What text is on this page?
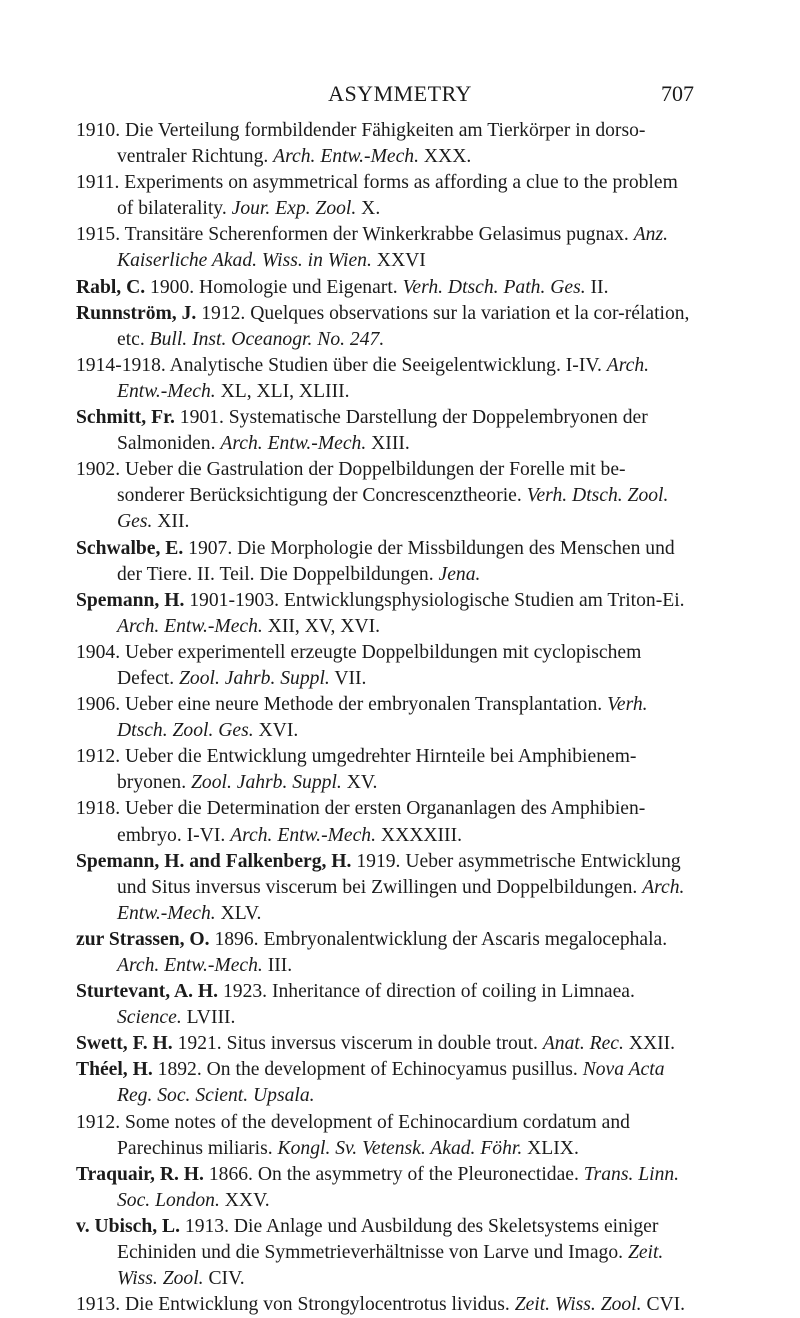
ASYMMETRY	707

1910. Die Verteilung formbildender Fähigkeiten am Tierkörper in dorso-ventraler Richtung. Arch. Entw.-Mech. XXX.

1911. Experiments on asymmetrical forms as affording a clue to the problem of bilaterality. Jour. Exp. Zool. X.

1915. Transitäre Scherenformen der Winkerkrabbe Gelasimus pugnax. Anz. Kaiserliche Akad. Wiss. in Wien. XXVI

Rabl, C. 1900. Homologie und Eigenart. Verh. Dtsch. Path. Ges. II.

Runnström, J. 1912. Quelques observations sur la variation et la cor-rélation, etc. Bull. Inst. Oceanogr. No. 247.

1914-1918. Analytische Studien über die Seeigelentwicklung. I-IV. Arch. Entw.-Mech. XL, XLI, XLIII.

Schmitt, Fr. 1901. Systematische Darstellung der Doppelembryonen der Salmoniden. Arch. Entw.-Mech. XIII.

1902. Ueber die Gastrulation der Doppelbildungen der Forelle mit be-sonderer Berücksichtigung der Concrescenztheorie. Verh. Dtsch. Zool. Ges. XII.

Schwalbe, E. 1907. Die Morphologie der Missbildungen des Menschen und der Tiere. II. Teil. Die Doppelbildungen. Jena.

Spemann, H. 1901-1903. Entwicklungsphysiologische Studien am Triton-Ei. Arch. Entw.-Mech. XII, XV, XVI.

1904. Ueber experimentell erzeugte Doppelbildungen mit cyclopischem Defect. Zool. Jahrb. Suppl. VII.

1906. Ueber eine neure Methode der embryonalen Transplantation. Verh. Dtsch. Zool. Ges. XVI.

1912. Ueber die Entwicklung umgedrehter Hirnteile bei Amphibienem-bryonen. Zool. Jahrb. Suppl. XV.

1918. Ueber die Determination der ersten Organanlagen des Amphibien-embryo. I-VI. Arch. Entw.-Mech. XXXXIII.

Spemann, H. and Falkenberg, H. 1919. Ueber asymmetrische Entwicklung und Situs inversus viscerum bei Zwillingen und Doppelbildungen. Arch. Entw.-Mech. XLV.

zur Strassen, O. 1896. Embryonalentwicklung der Ascaris megalocephala. Arch. Entw.-Mech. III.

Sturtevant, A. H. 1923. Inheritance of direction of coiling in Limnaea. Science. LVIII.

Swett, F. H. 1921. Situs inversus viscerum in double trout. Anat. Rec. XXII.

Théel, H. 1892. On the development of Echinocyamus pusillus. Nova Acta Reg. Soc. Scient. Upsala.

1912. Some notes of the development of Echinocardium cordatum and Parechinus miliaris. Kongl. Sv. Vetensk. Akad. Föhr. XLIX.

Traquair, R. H. 1866. On the asymmetry of the Pleuronectidae. Trans. Linn. Soc. London. XXV.

v. Ubisch, L. 1913. Die Anlage und Ausbildung des Skeletsystems einiger Echiniden und die Symmetrieverhältnisse von Larve und Imago. Zeit. Wiss. Zool. CIV.

1913. Die Entwicklung von Strongylocentrotus lividus. Zeit. Wiss. Zool. CVI.
